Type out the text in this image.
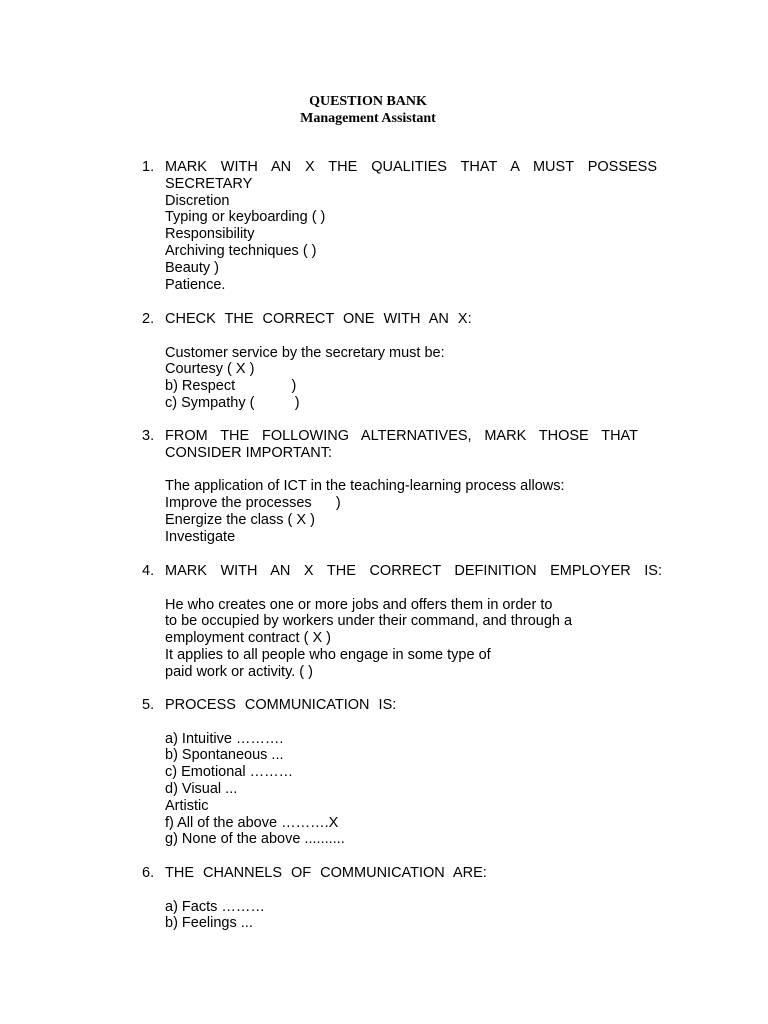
QUESTION BANK
Management Assistant
1. MARK WITH AN X THE QUALITIES THAT A MUST POSSESS
SECRETARY
Discretion
Typing or keyboarding ( )
Responsibility
Archiving techniques ( )
Beauty )
Patience.
2. CHECK THE CORRECT ONE WITH AN X:
Customer service by the secretary must be:
Courtesy ( X )
b) Respect              )
c) Sympathy (          )
3. FROM THE FOLLOWING ALTERNATIVES, MARK THOSE THAT
CONSIDER IMPORTANT:
The application of ICT in the teaching-learning process allows:
Improve the processes      )
Energize the class ( X )
Investigate
4. MARK WITH AN X THE CORRECT DEFINITION EMPLOYER IS:
He who creates one or more jobs and offers them in order to
to be occupied by workers under their command, and through a
employment contract ( X )
It applies to all people who engage in some type of
paid work or activity. ( )
5. PROCESS COMMUNICATION IS:
a) Intuitive ……….
b) Spontaneous ...
c) Emotional ………
d) Visual ...
Artistic
f) All of the above ……….X
g) None of the above ..........
6. THE CHANNELS OF COMMUNICATION ARE:
a) Facts ………
b) Feelings ...
